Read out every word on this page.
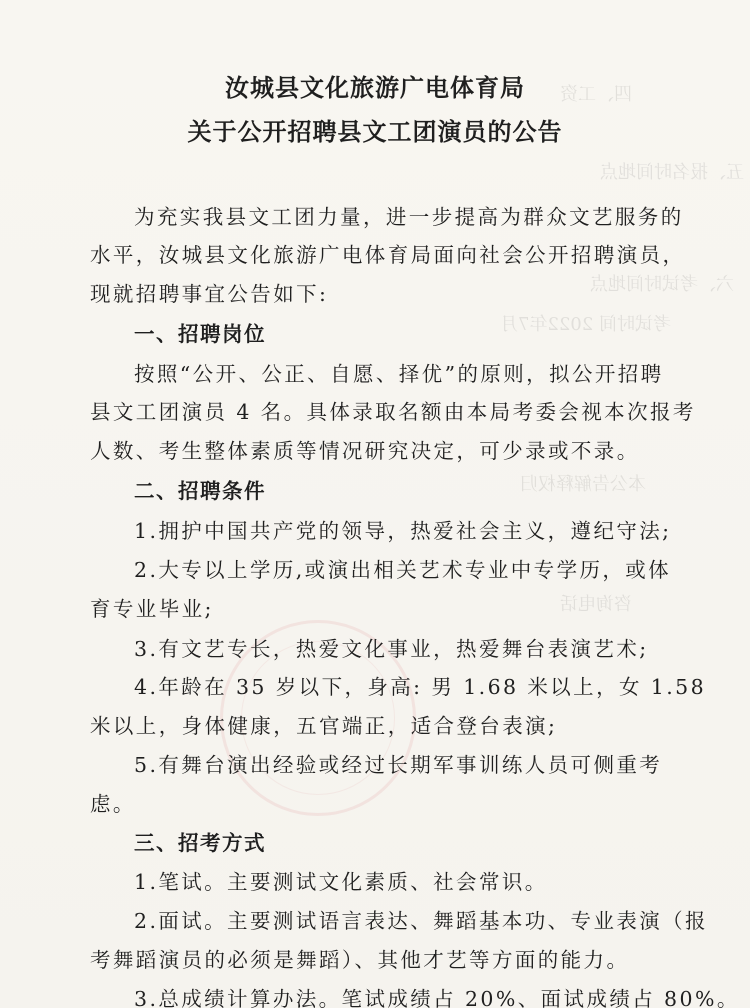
四、工资
五、报名时间地点
六、考试时间地点
考试时间 2022年7月
本公告解释权归
咨询电话
汝城县文化旅游广电体育局
关于公开招聘县文工团演员的公告
为充实我县文工团力量，进一步提高为群众文艺服务的
水平，汝城县文化旅游广电体育局面向社会公开招聘演员，
现就招聘事宜公告如下:
一、招聘岗位
按照“公开、公正、自愿、择优”的原则，拟公开招聘
县文工团演员 4 名。具体录取名额由本局考委会视本次报考
人数、考生整体素质等情况研究决定，可少录或不录。
二、招聘条件
1.拥护中国共产党的领导，热爱社会主义，遵纪守法;
2.大专以上学历,或演出相关艺术专业中专学历，或体
育专业毕业;
3.有文艺专长，热爱文化事业，热爱舞台表演艺术;
4.年龄在 35 岁以下，身高: 男 1.68 米以上，女 1.58
米以上，身体健康，五官端正，适合登台表演;
5.有舞台演出经验或经过长期军事训练人员可侧重考
虑。
三、招考方式
1.笔试。主要测试文化素质、社会常识。
2.面试。主要测试语言表达、舞蹈基本功、专业表演（报
考舞蹈演员的必须是舞蹈）、其他才艺等方面的能力。
3.总成绩计算办法。笔试成绩占 20%、面试成绩占 80%。
